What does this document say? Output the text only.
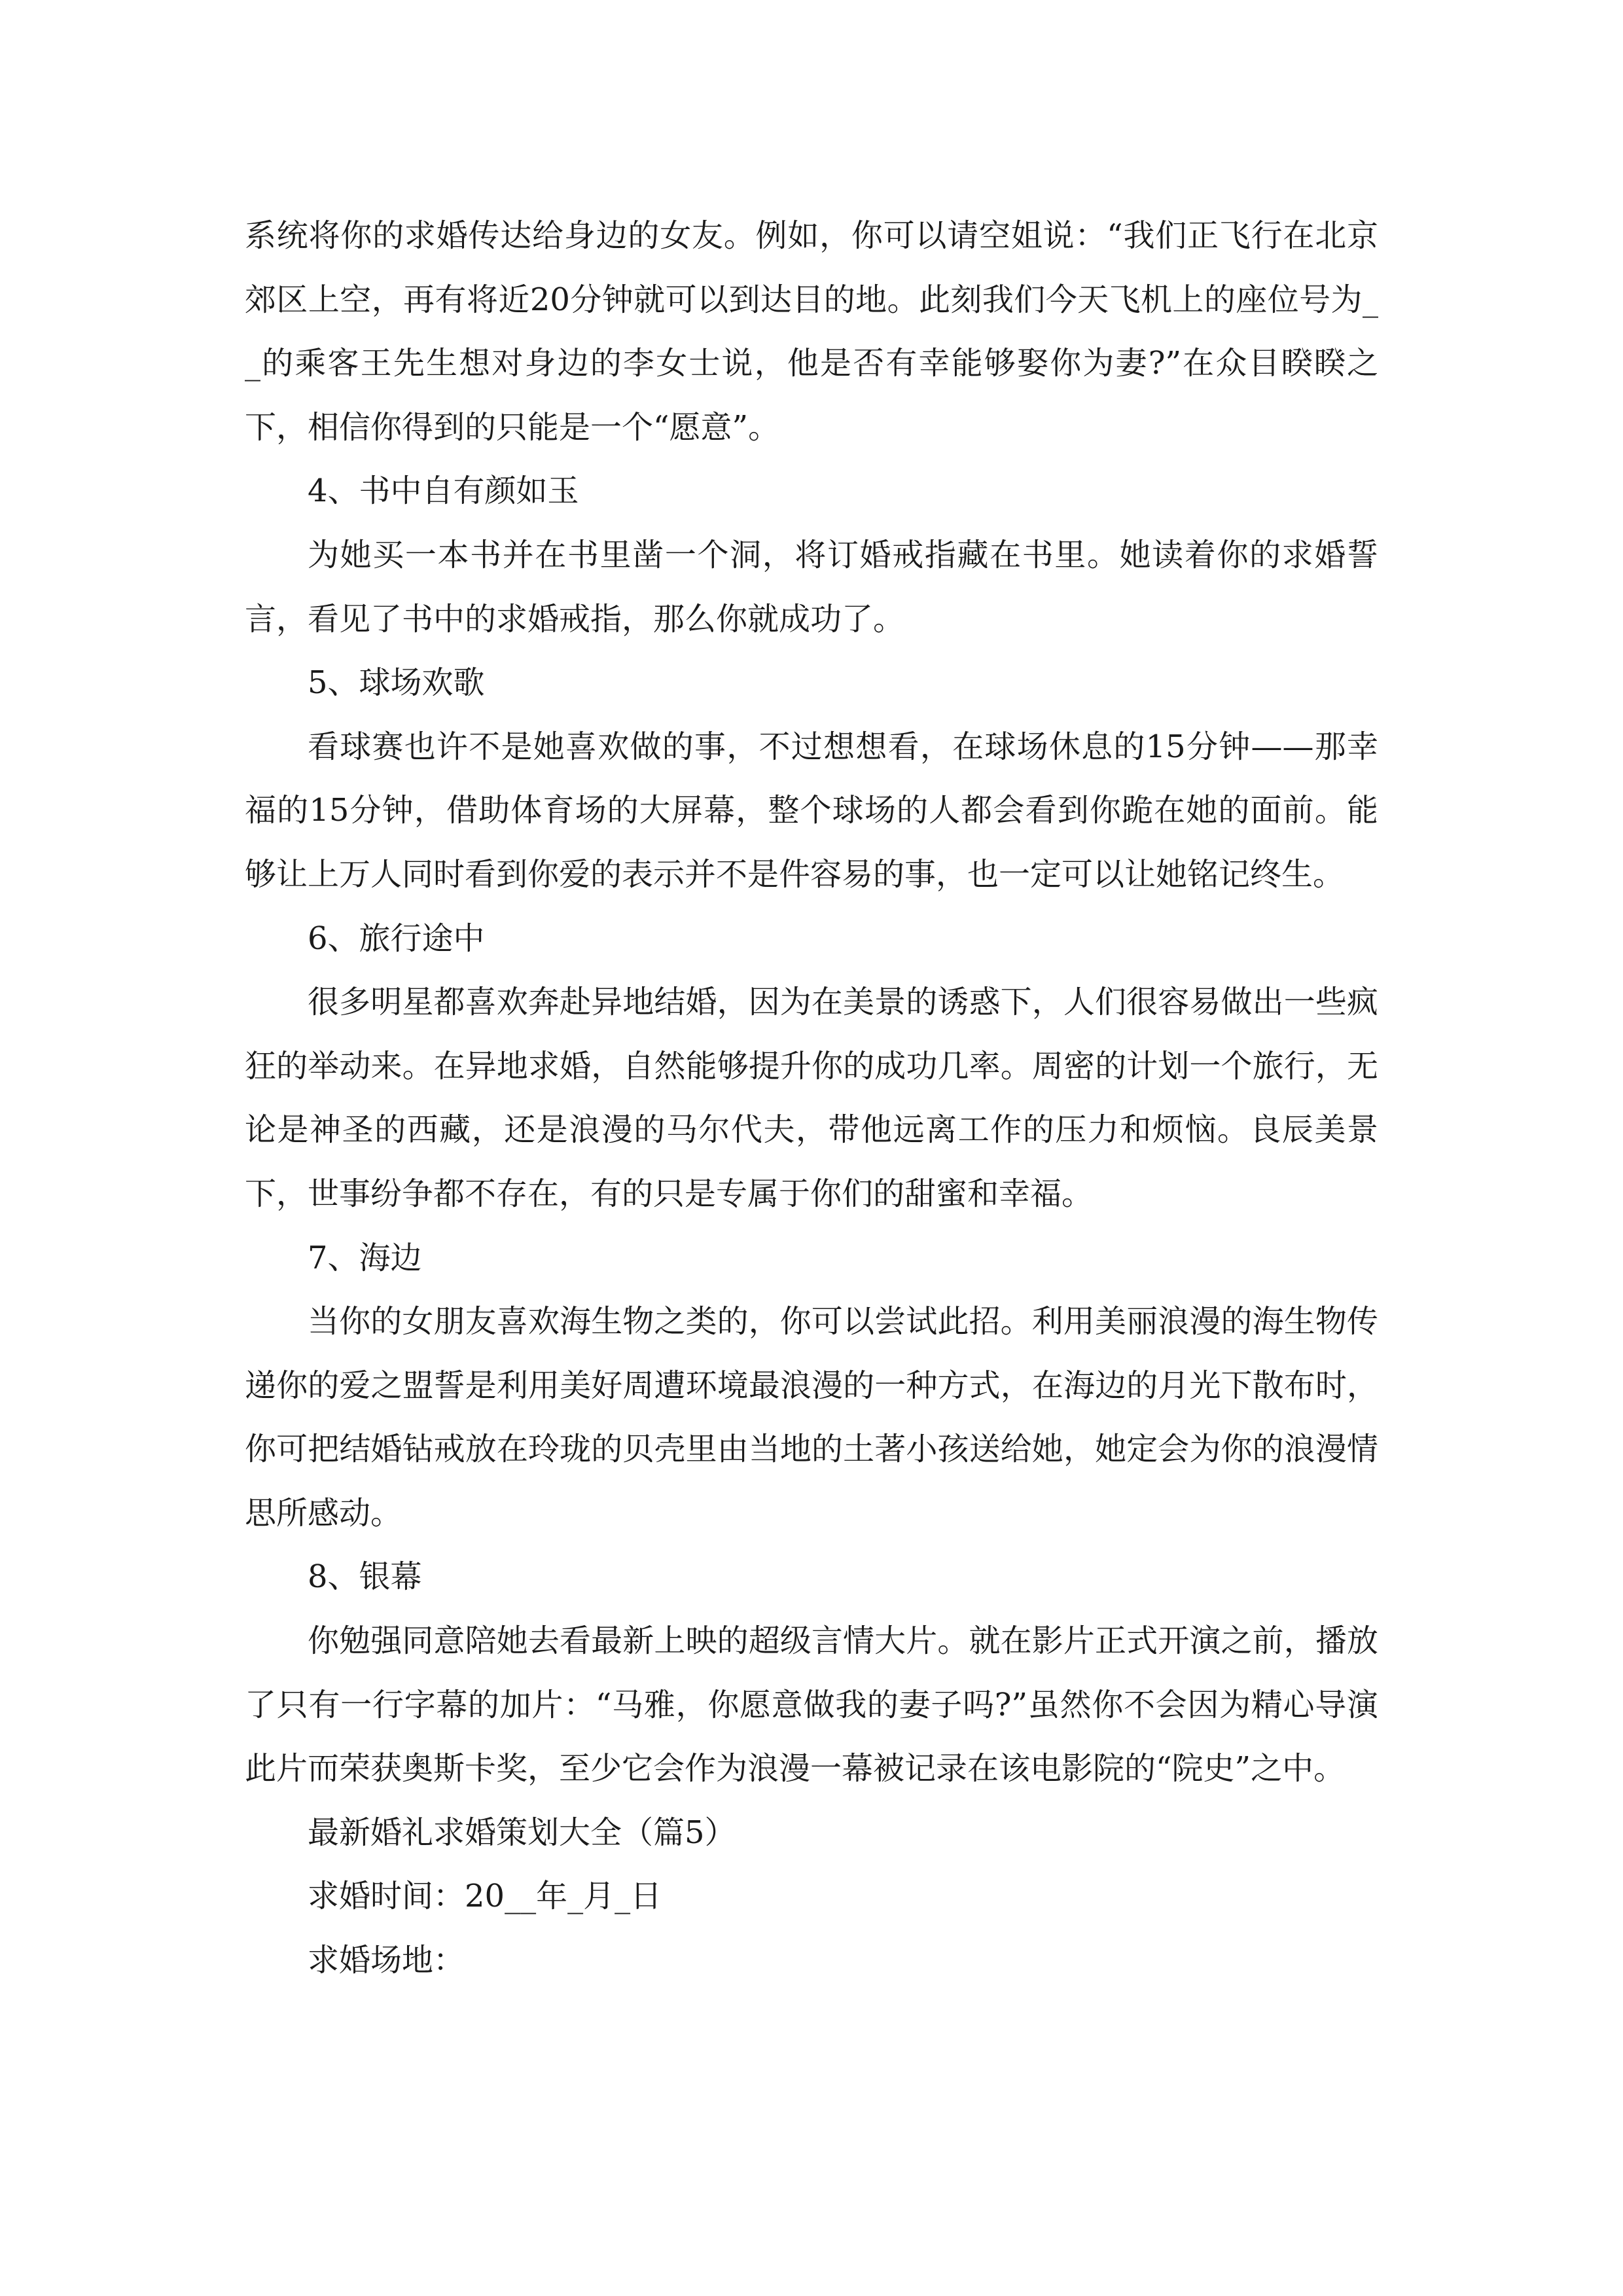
系统将你的求婚传达给身边的女友。例如，你可以请空姐说：“我们正飞行在北京郊区上空，再有将近20分钟就可以到达目的地。此刻我们今天飞机上的座位号为__的乘客王先生想对身边的李女士说，他是否有幸能够娶你为妻?”在众目睽睽之下，相信你得到的只能是一个“愿意”。

4、书中自有颜如玉

为她买一本书并在书里凿一个洞，将订婚戒指藏在书里。她读着你的求婚誓言，看见了书中的求婚戒指，那么你就成功了。

5、球场欢歌

看球赛也许不是她喜欢做的事，不过想想看，在球场休息的15分钟——那幸福的15分钟，借助体育场的大屏幕，整个球场的人都会看到你跪在她的面前。能够让上万人同时看到你爱的表示并不是件容易的事，也一定可以让她铭记终生。

6、旅行途中

很多明星都喜欢奔赴异地结婚，因为在美景的诱惑下，人们很容易做出一些疯狂的举动来。在异地求婚，自然能够提升你的成功几率。周密的计划一个旅行，无论是神圣的西藏，还是浪漫的马尔代夫，带他远离工作的压力和烦恼。良辰美景下，世事纷争都不存在，有的只是专属于你们的甜蜜和幸福。

7、海边

当你的女朋友喜欢海生物之类的，你可以尝试此招。利用美丽浪漫的海生物传递你的爱之盟誓是利用美好周遭环境最浪漫的一种方式，在海边的月光下散布时，你可把结婚钻戒放在玲珑的贝壳里由当地的土著小孩送给她，她定会为你的浪漫情思所感动。

8、银幕

你勉强同意陪她去看最新上映的超级言情大片。就在影片正式开演之前，播放了只有一行字幕的加片：“马雅，你愿意做我的妻子吗?”虽然你不会因为精心导演此片而荣获奥斯卡奖，至少它会作为浪漫一幕被记录在该电影院的“院史”之中。

最新婚礼求婚策划大全（篇5）

求婚时间：20__年_月_日

求婚场地：
